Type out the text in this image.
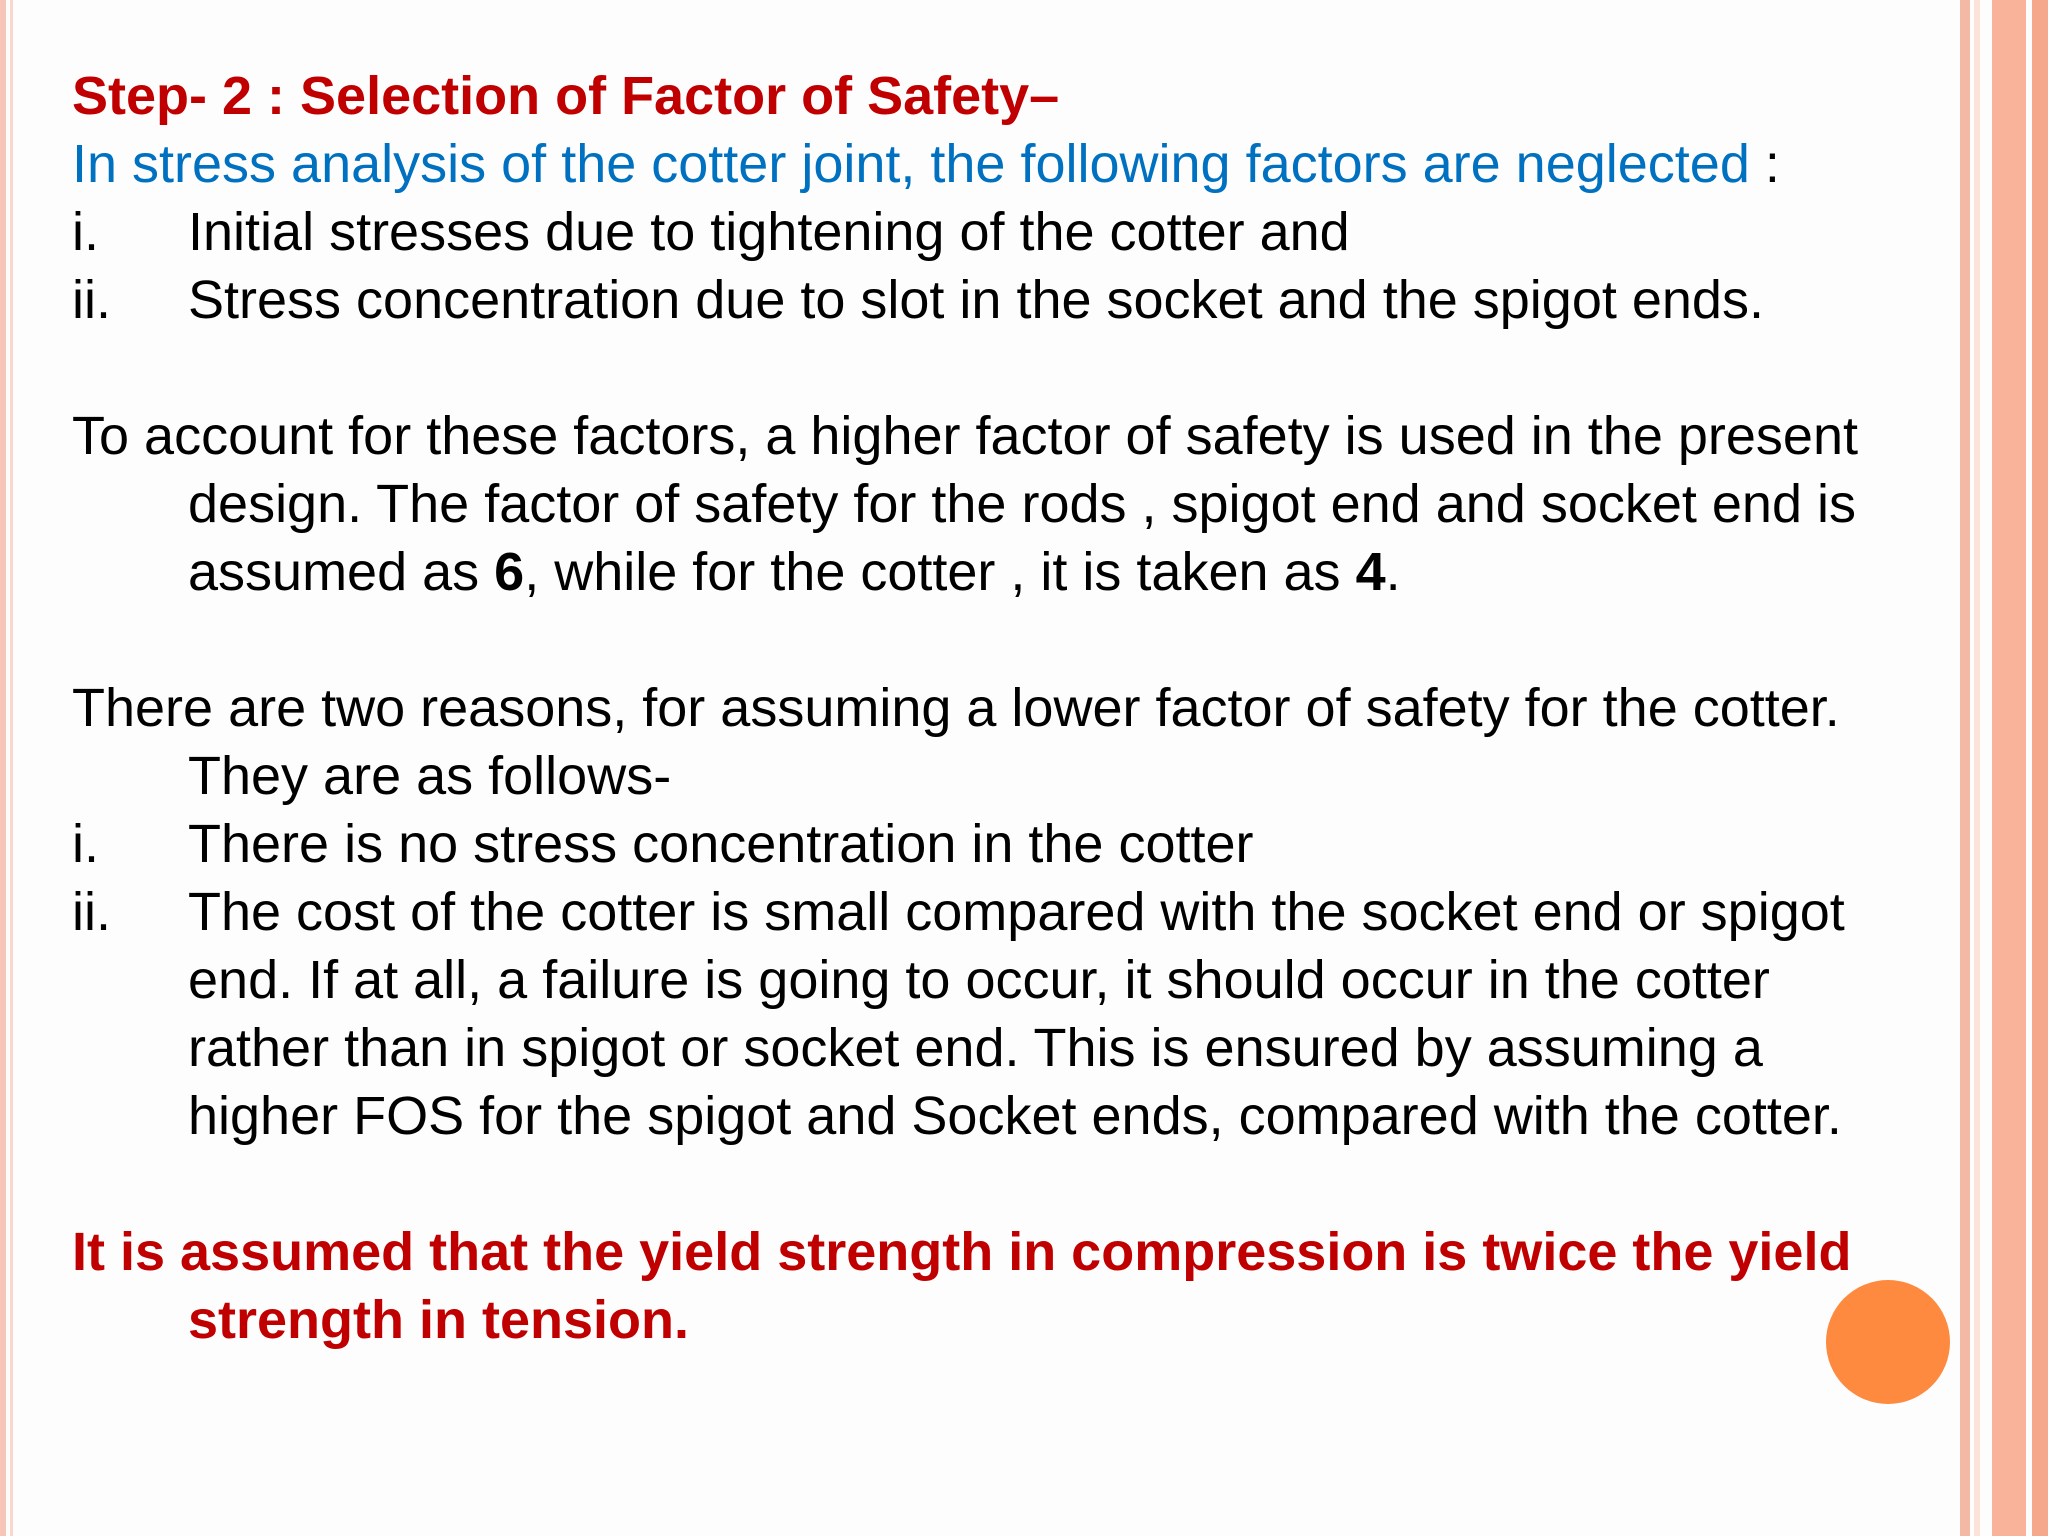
Step- 2 : Selection of Factor of Safety–
In stress analysis of the cotter joint, the following factors are neglected :
i.	Initial stresses due to tightening of the cotter and
ii.	Stress concentration due to slot in the socket and the spigot ends.
To account for these factors, a higher factor of safety is used in the present
design. The factor of safety for the rods , spigot end and socket end is
assumed as 6, while for the cotter , it is taken as 4.
There are two reasons, for assuming a lower factor of safety for the cotter.
They are as follows-
i.	There is no stress concentration in the cotter
ii.	The cost of the cotter is small compared with the socket end or spigot
end. If at all, a failure is going to occur, it should occur in the cotter
rather than in spigot or socket end. This is ensured by assuming a
higher FOS for the spigot and Socket ends, compared with the cotter.
It is assumed that the yield strength in compression is twice the yield
strength in tension.
